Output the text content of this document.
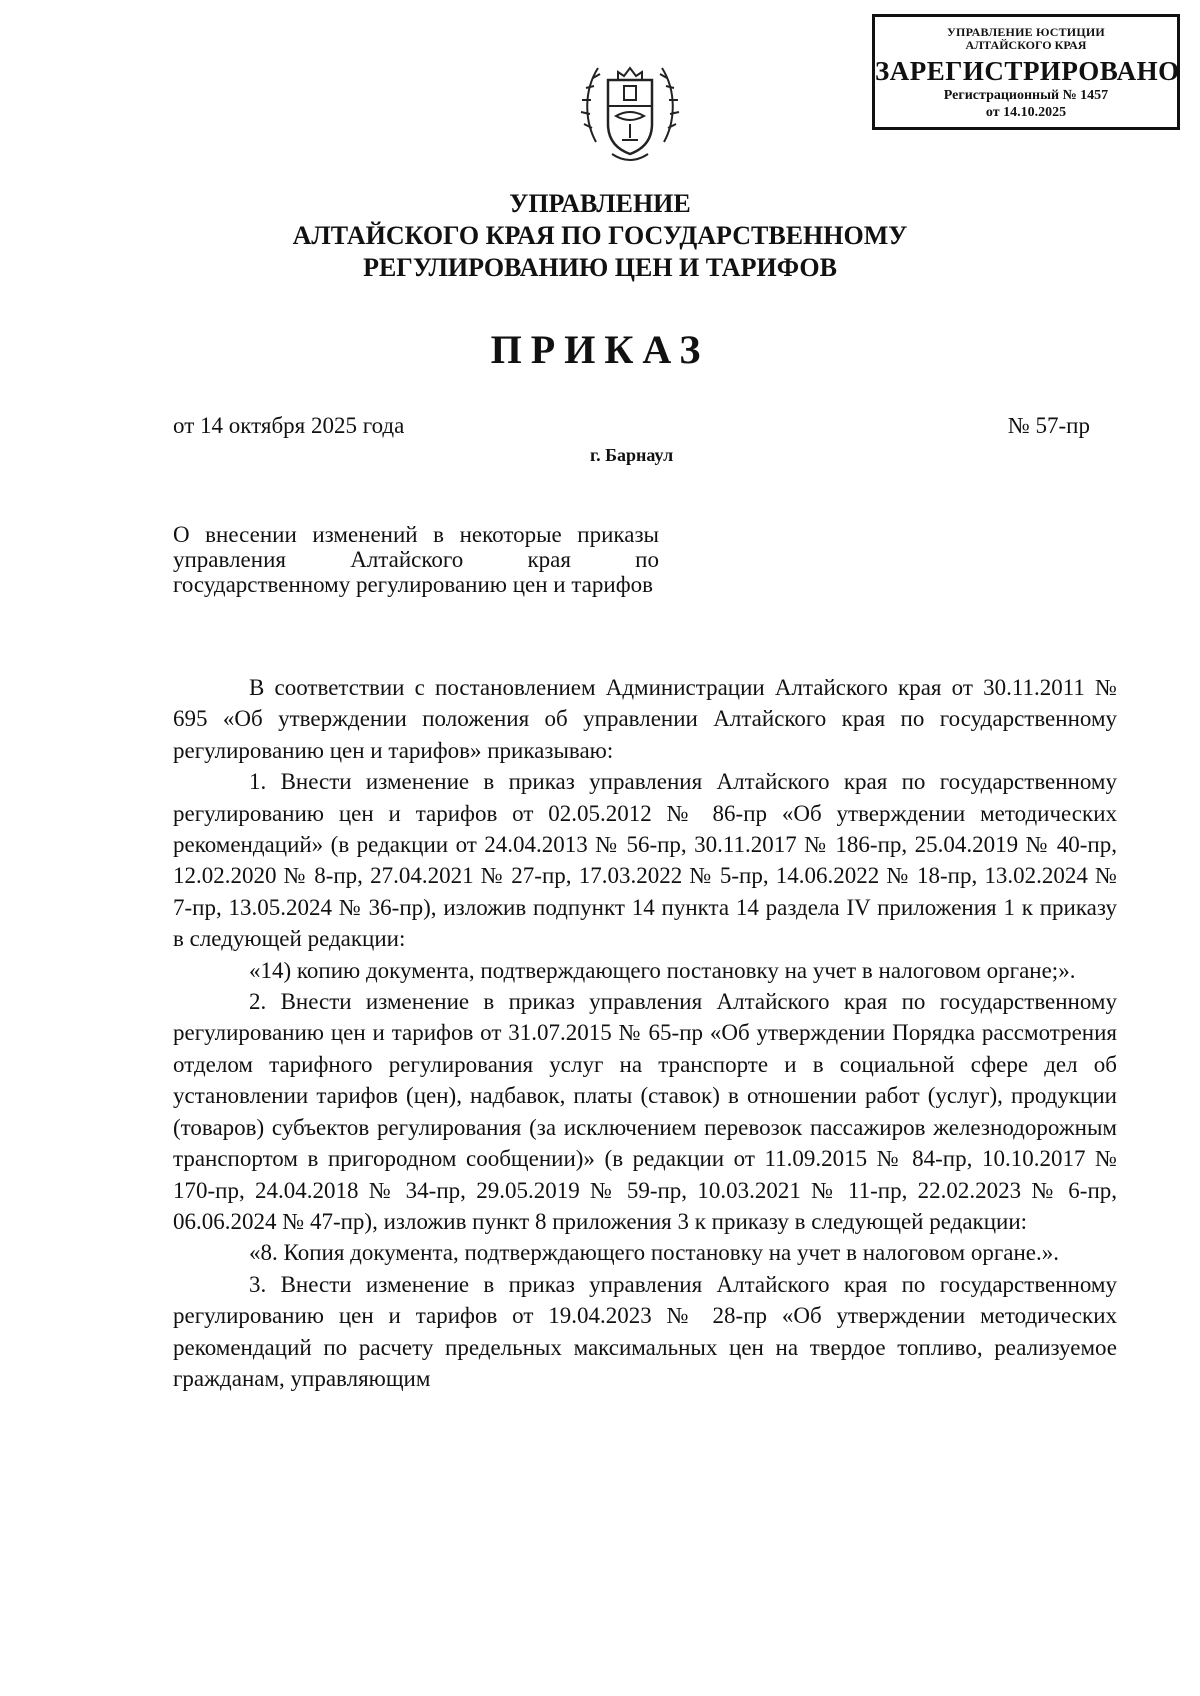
УПРАВЛЕНИЕ ЮСТИЦИИ
АЛТАЙСКОГО КРАЯ
ЗАРЕГИСТРИРОВАНО
Регистрационный № 1457
от 14.10.2025
УПРАВЛЕНИЕ
АЛТАЙСКОГО КРАЯ ПО ГОСУДАРСТВЕННОМУ
РЕГУЛИРОВАНИЮ ЦЕН И ТАРИФОВ
ПРИКАЗ
от 14 октября 2025 года	№ 57-пр
г. Барнаул
О внесении изменений в некоторые приказы управления Алтайского края по государственному регулированию цен и тарифов

В соответствии с постановлением Администрации Алтайского края от 30.11.2011 № 695 «Об утверждении положения об управлении Алтайского края по государственному регулированию цен и тарифов» приказываю:

1. Внести изменение в приказ управления Алтайского края по государственному регулированию цен и тарифов от 02.05.2012 № 86-пр «Об утверждении методических рекомендаций» (в редакции от 24.04.2013 № 56-пр, 30.11.2017 № 186-пр, 25.04.2019 № 40-пр, 12.02.2020 № 8-пр, 27.04.2021 № 27-пр, 17.03.2022 № 5-пр, 14.06.2022 № 18-пр, 13.02.2024 № 7-пр, 13.05.2024 № 36-пр), изложив подпункт 14 пункта 14 раздела IV приложения 1 к приказу в следующей редакции:

«14) копию документа, подтверждающего постановку на учет в налоговом органе;».

2. Внести изменение в приказ управления Алтайского края по государственному регулированию цен и тарифов от 31.07.2015 № 65-пр «Об утверждении Порядка рассмотрения отделом тарифного регулирования услуг на транспорте и в социальной сфере дел об установлении тарифов (цен), надбавок, платы (ставок) в отношении работ (услуг), продукции (товаров) субъектов регулирования (за исключением перевозок пассажиров железнодорожным транспортом в пригородном сообщении)» (в редакции от 11.09.2015 № 84-пр, 10.10.2017 № 170-пр, 24.04.2018 № 34-пр, 29.05.2019 № 59-пр, 10.03.2021 № 11-пр, 22.02.2023 № 6-пр, 06.06.2024 № 47-пр), изложив пункт 8 приложения 3 к приказу в следующей редакции:

«8. Копия документа, подтверждающего постановку на учет в налоговом органе.».

3. Внести изменение в приказ управления Алтайского края по государственному регулированию цен и тарифов от 19.04.2023 № 28-пр «Об утверждении методических рекомендаций по расчету предельных максимальных цен на твердое топливо, реализуемое гражданам, управляющим
